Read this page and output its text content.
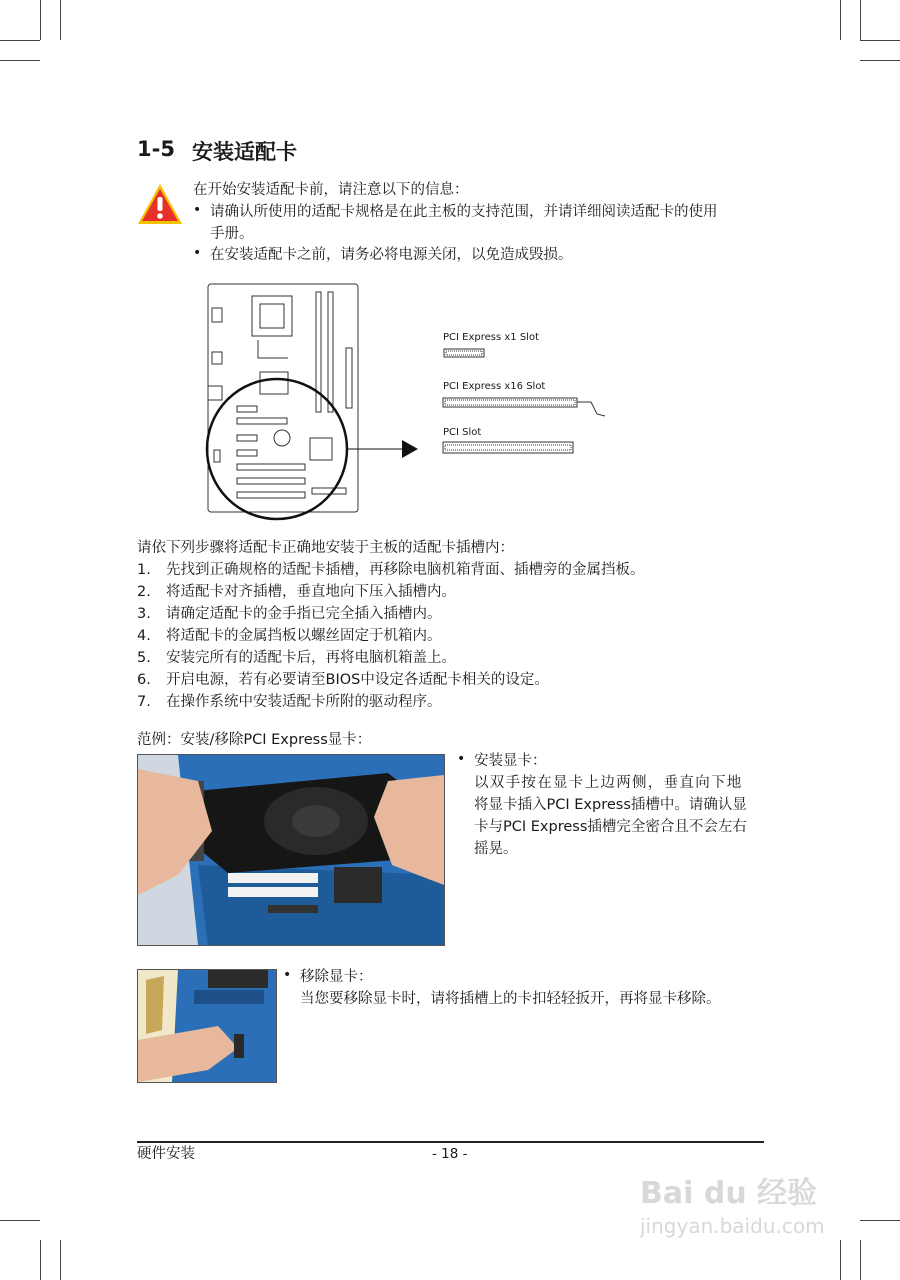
1-5 安装适配卡
在开始安装适配卡前，请注意以下的信息：
• 请确认所使用的适配卡规格是在此主板的支持范围，并请详细阅读适配卡的使用
手册。
• 在安装适配卡之前，请务必将电源关闭，以免造成毁损。
PCI Express x1 Slot
PCI Express x16 Slot
PCI Slot
请依下列步骤将适配卡正确地安装于主板的适配卡插槽内：
1. 先找到正确规格的适配卡插槽，再移除电脑机箱背面、插槽旁的金属挡板。
2. 将适配卡对齐插槽，垂直地向下压入插槽内。
3. 请确定适配卡的金手指已完全插入插槽内。
4. 将适配卡的金属挡板以螺丝固定于机箱内。
5. 安装完所有的适配卡后，再将电脑机箱盖上。
6. 开启电源，若有必要请至BIOS中设定各适配卡相关的设定。
7. 在操作系统中安装适配卡所附的驱动程序。
范例：安装/移除PCI Express显卡：
• 安装显卡：
以双手按在显卡上边两侧，垂直向下地
将显卡插入PCI Express插槽中。请确认显
卡与PCI Express插槽完全密合且不会左右
摇晃。
• 移除显卡：
当您要移除显卡时，请将插槽上的卡扣轻轻扳开，再将显卡移除。
硬件安装	- 18 -
Bai du 经验
jingyan.baidu.com
